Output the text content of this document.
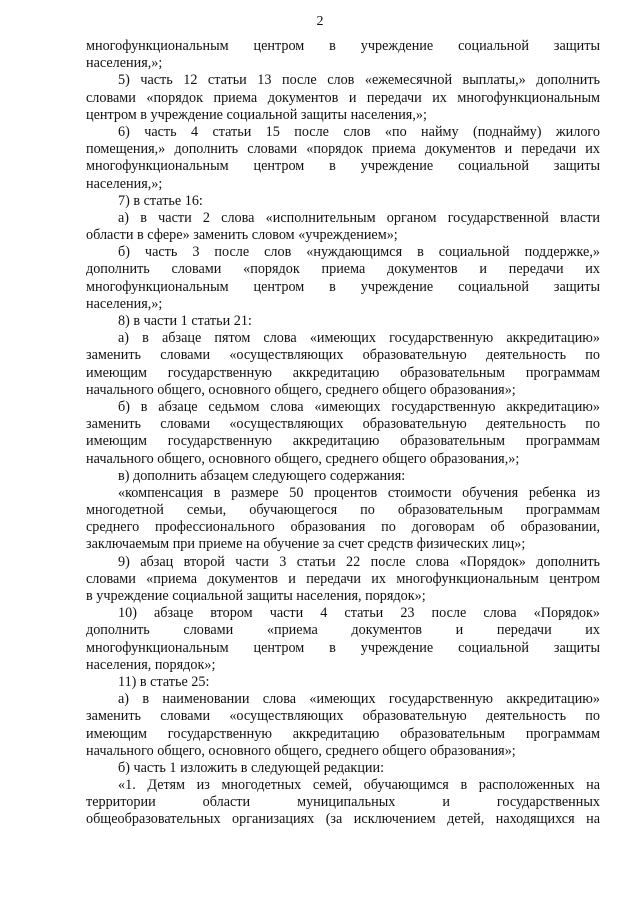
2
многофункциональным центром в учреждение социальной защиты
населения,»;
5) часть 12 статьи 13 после слов «ежемесячной выплаты,» дополнить
словами «порядок приема документов и передачи их многофункциональным
центром в учреждение социальной защиты населения,»;
6) часть 4 статьи 15 после слов «по найму (поднайму) жилого
помещения,» дополнить словами «порядок приема документов и передачи их
многофункциональным центром в учреждение социальной защиты
населения,»;
7) в статье 16:
а) в части 2 слова «исполнительным органом государственной власти
области в сфере» заменить словом «учреждением»;
б) часть 3 после слов «нуждающимся в социальной поддержке,»
дополнить словами «порядок приема документов и передачи их
многофункциональным центром в учреждение социальной защиты
населения,»;
8) в части 1 статьи 21:
а) в абзаце пятом слова «имеющих государственную аккредитацию»
заменить словами «осуществляющих образовательную деятельность по
имеющим государственную аккредитацию образовательным программам
начального общего, основного общего, среднего общего образования»;
б) в абзаце седьмом слова «имеющих государственную аккредитацию»
заменить словами «осуществляющих образовательную деятельность по
имеющим государственную аккредитацию образовательным программам
начального общего, основного общего, среднего общего образования,»;
в) дополнить абзацем следующего содержания:
«компенсация в размере 50 процентов стоимости обучения ребенка из
многодетной семьи, обучающегося по образовательным программам
среднего профессионального образования по договорам об образовании,
заключаемым при приеме на обучение за счет средств физических лиц»;
9) абзац второй части 3 статьи 22 после слова «Порядок» дополнить
словами «приема документов и передачи их многофункциональным центром
в учреждение социальной защиты населения, порядок»;
10) абзаце втором части 4 статьи 23 после слова «Порядок»
дополнить словами «приема документов и передачи их
многофункциональным центром в учреждение социальной защиты
населения, порядок»;
11) в статье 25:
а) в наименовании слова «имеющих государственную аккредитацию»
заменить словами «осуществляющих образовательную деятельность по
имеющим государственную аккредитацию образовательным программам
начального общего, основного общего, среднего общего образования»;
б) часть 1 изложить в следующей редакции:
«1. Детям из многодетных семей, обучающимся в расположенных на
территории области муниципальных и государственных
общеобразовательных организациях (за исключением детей, находящихся на
